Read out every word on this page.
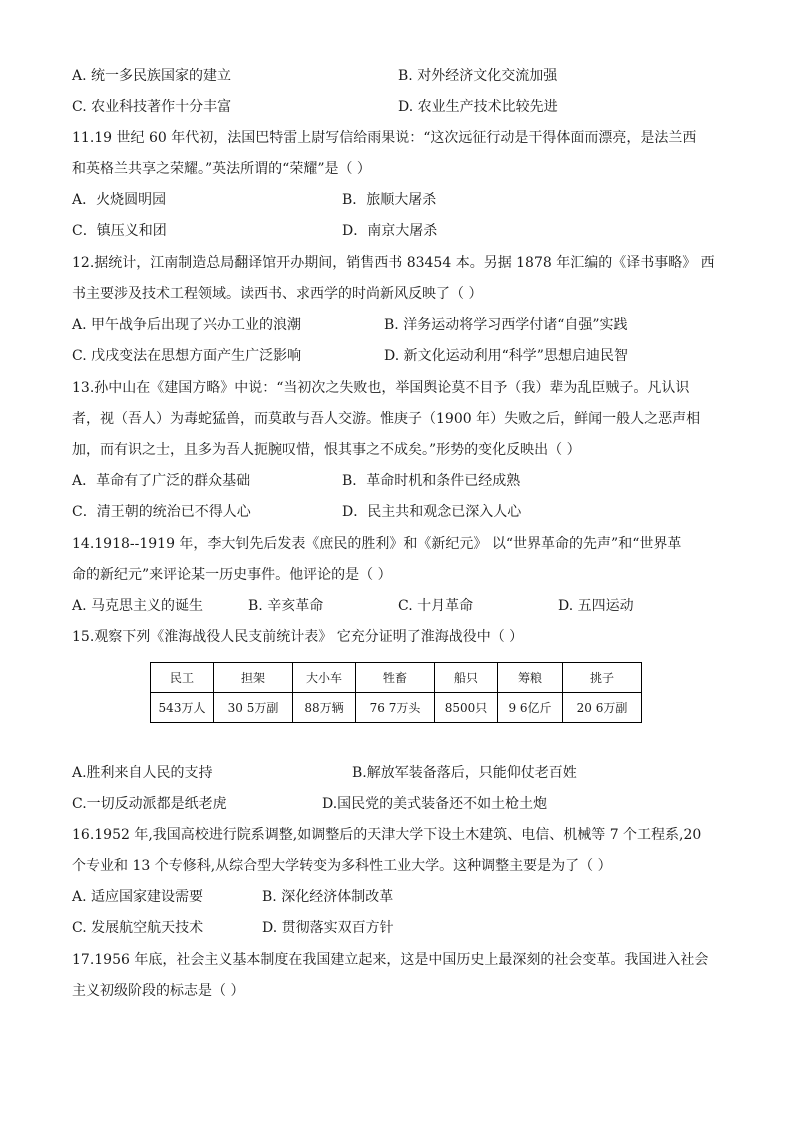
A. 统一多民族国家的建立	B. 对外经济文化交流加强
C. 农业科技著作十分丰富	D. 农业生产技术比较先进
11.19 世纪 60 年代初，法国巴特雷上尉写信给雨果说：“这次远征行动是干得体面而漂亮，是法兰西
和英格兰共享之荣耀。”英法所谓的“荣耀”是（ ）
A．火烧圆明园	B．旅顺大屠杀
C．镇压义和团	D．南京大屠杀
12.据统计，江南制造总局翻译馆开办期间，销售西书 83454 本。另据 1878 年汇编的《译书事略》 西
书主要涉及技术工程领域。读西书、求西学的时尚新风反映了（ ）
A. 甲午战争后出现了兴办工业的浪潮	B. 洋务运动将学习西学付诸“自强”实践
C. 戊戌变法在思想方面产生广泛影响	D. 新文化运动利用“科学”思想启迪民智
13.孙中山在《建国方略》中说：“当初次之失败也，举国舆论莫不目予（我）辈为乱臣贼子。凡认识
者，视（吾人）为毒蛇猛兽，而莫敢与吾人交游。惟庚子（1900 年）失败之后，鲜闻一般人之恶声相
加，而有识之士，且多为吾人扼腕叹惜，恨其事之不成矣。”形势的变化反映出（ ）
A．革命有了广泛的群众基础	B．革命时机和条件已经成熟
C．清王朝的统治已不得人心	D．民主共和观念已深入人心
14.1918--1919 年，李大钊先后发表《庶民的胜利》和《新纪元》 以“世界革命的先声”和“世界革
命的新纪元”来评论某一历史事件。他评论的是（ ）
A. 马克思主义的诞生	B. 辛亥革命	C. 十月革命	D. 五四运动
15.观察下列《淮海战役人民支前统计表》 它充分证明了淮海战役中（ ）
民工	担架	大小车	牲畜	船只	筹粮	挑子
543万人	30 5万副	88万辆	76 7万头	8500只	9 6亿斤	20 6万副
A.胜利来自人民的支持	B.解放军装备落后，只能仰仗老百姓
C.一切反动派都是纸老虎	D.国民党的美式装备还不如土枪土炮
16.1952 年,我国高校进行院系调整,如调整后的天津大学下设土木建筑、电信、机械等 7 个工程系,20
个专业和 13 个专修科,从综合型大学转变为多科性工业大学。这种调整主要是为了（ ）
A. 适应国家建设需要	B. 深化经济体制改革
C. 发展航空航天技术	D. 贯彻落实双百方针
17.1956 年底，社会主义基本制度在我国建立起来，这是中国历史上最深刻的社会变革。我国进入社会
主义初级阶段的标志是（ ）
